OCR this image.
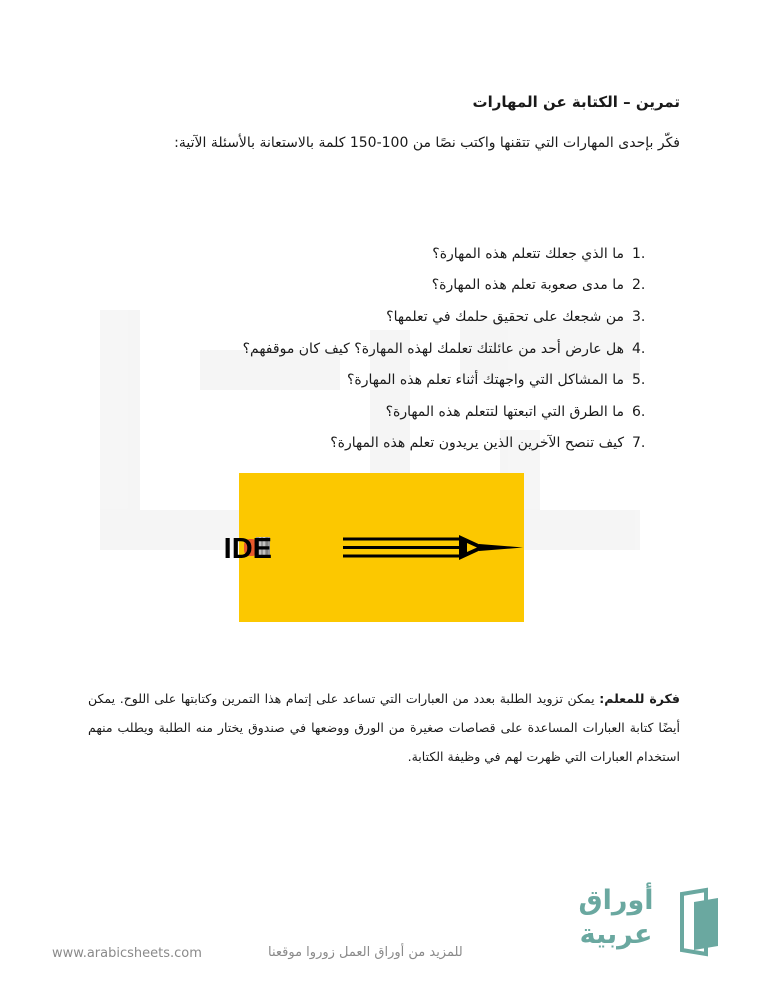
تمرين – الكتابة عن المهارات
فكّر بإحدى المهارات التي تتقنها واكتب نصًا من 100-150 كلمة بالاستعانة بالأسئلة الآتية:
1.
ما الذي جعلك تتعلم هذه المهارة؟
2.
ما مدى صعوبة تعلم هذه المهارة؟
3.
من شجعك على تحقيق حلمك في تعلمها؟
4.
هل عارض أحد من عائلتك تعلمك لهذه المهارة؟ كيف كان موقفهم؟
5.
ما المشاكل التي واجهتك أثناء تعلم هذه المهارة؟
6.
ما الطرق التي اتبعتها لتتعلم هذه المهارة؟
7.
كيف تنصح الآخرين الذين يريدون تعلم هذه المهارة؟
IDE
فكرة للمعلم: يمكن تزويد الطلبة بعدد من العبارات التي تساعد على إتمام هذا التمرين وكتابتها على اللوح. يمكن أيضًا كتابة العبارات المساعدة على قصاصات صغيرة من الورق ووضعها في صندوق يختار منه الطلبة ويطلب منهم استخدام العبارات التي ظهرت لهم في وظيفة الكتابة.
للمزيد من أوراق العمل زوروا موقعنا
www.arabicsheets.com
أوراق
عربية
